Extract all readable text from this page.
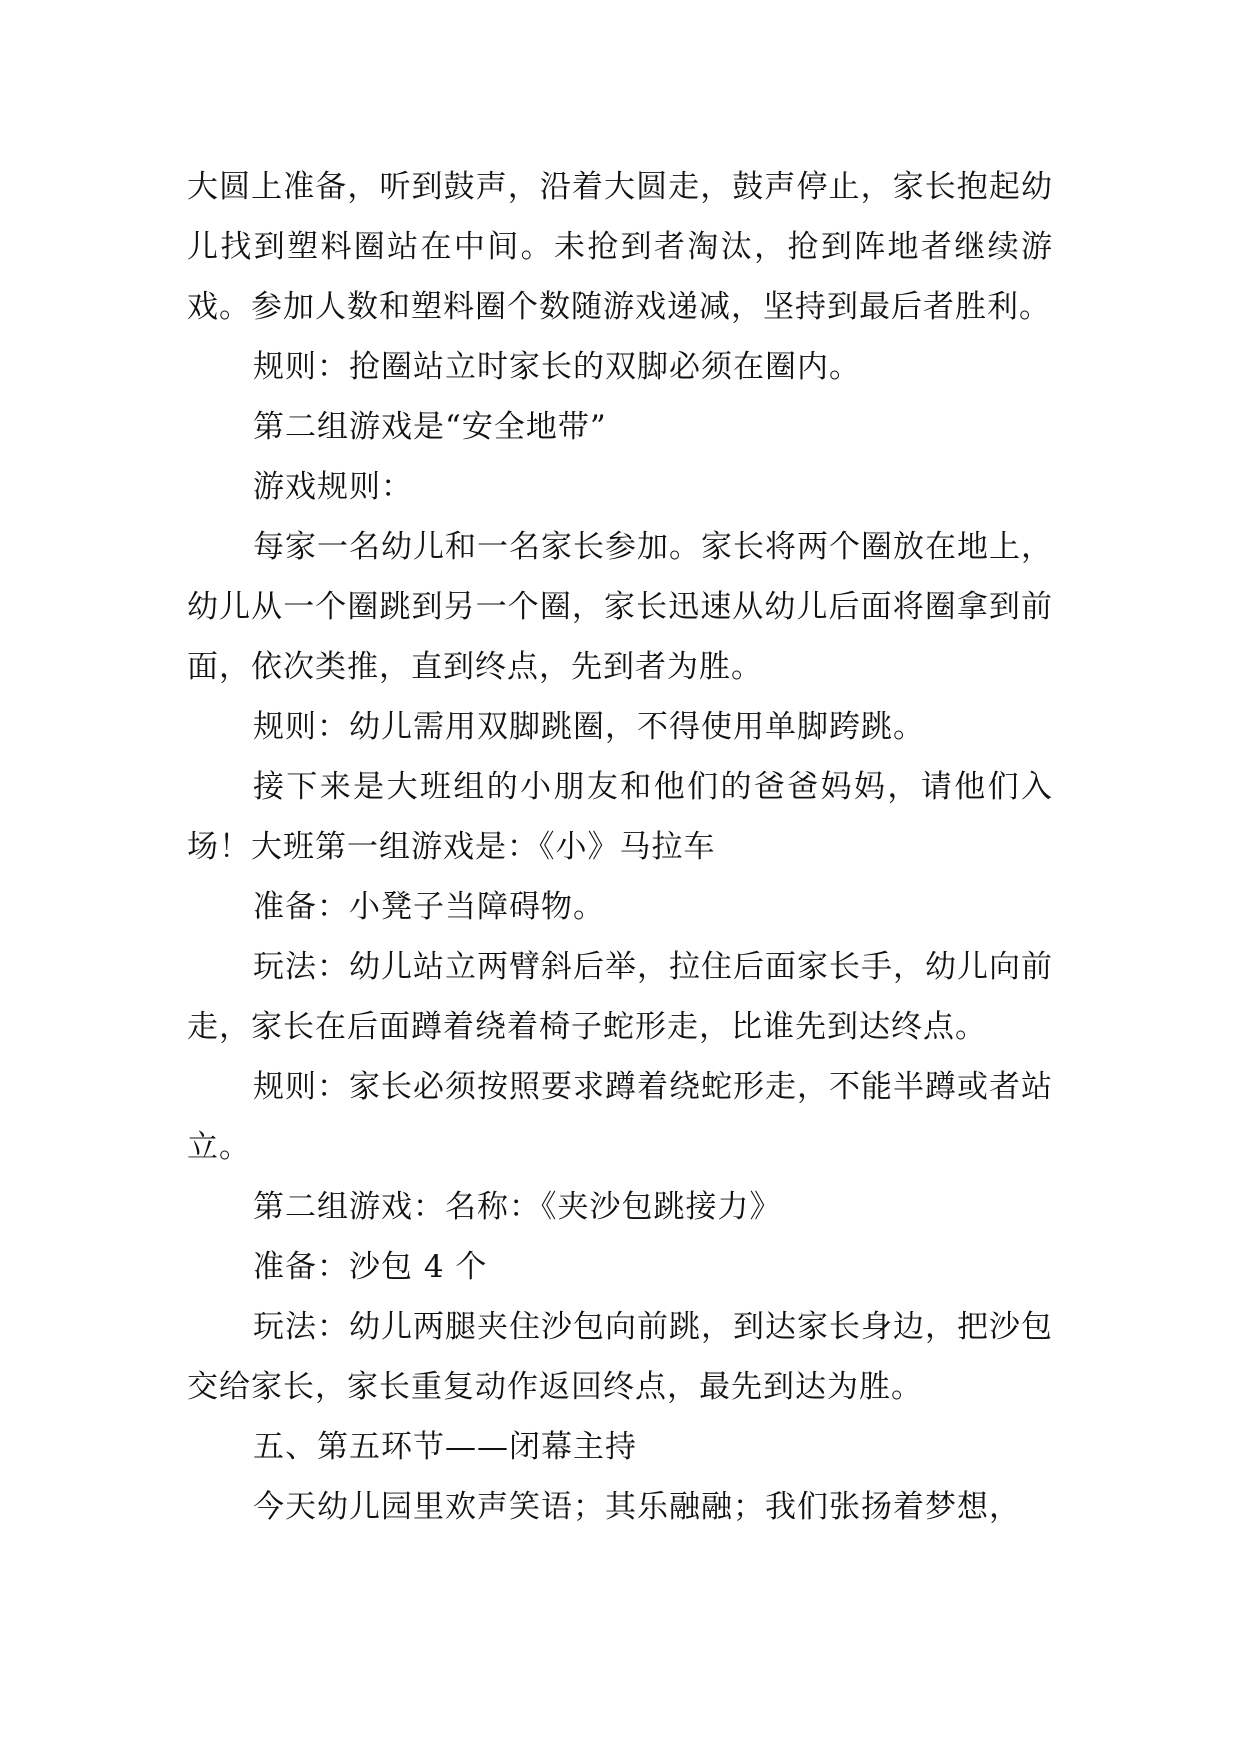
大圆上准备，听到鼓声，沿着大圆走，鼓声停止，家长抱起幼儿找到塑料圈站在中间。未抢到者淘汰，抢到阵地者继续游戏。参加人数和塑料圈个数随游戏递减，坚持到最后者胜利。

规则：抢圈站立时家长的双脚必须在圈内。

第二组游戏是“安全地带”

游戏规则：

每家一名幼儿和一名家长参加。家长将两个圈放在地上，幼儿从一个圈跳到另一个圈，家长迅速从幼儿后面将圈拿到前面，依次类推，直到终点，先到者为胜。

规则：幼儿需用双脚跳圈，不得使用单脚跨跳。

接下来是大班组的小朋友和他们的爸爸妈妈，请他们入场！大班第一组游戏是：《小》马拉车

准备：小凳子当障碍物。

玩法：幼儿站立两臂斜后举，拉住后面家长手，幼儿向前走，家长在后面蹲着绕着椅子蛇形走，比谁先到达终点。

规则：家长必须按照要求蹲着绕蛇形走，不能半蹲或者站立。

第二组游戏：名称：《夹沙包跳接力》

准备：沙包 4 个

玩法：幼儿两腿夹住沙包向前跳，到达家长身边，把沙包交给家长，家长重复动作返回终点，最先到达为胜。

五、第五环节——闭幕主持

今天幼儿园里欢声笑语；其乐融融；我们张扬着梦想，
